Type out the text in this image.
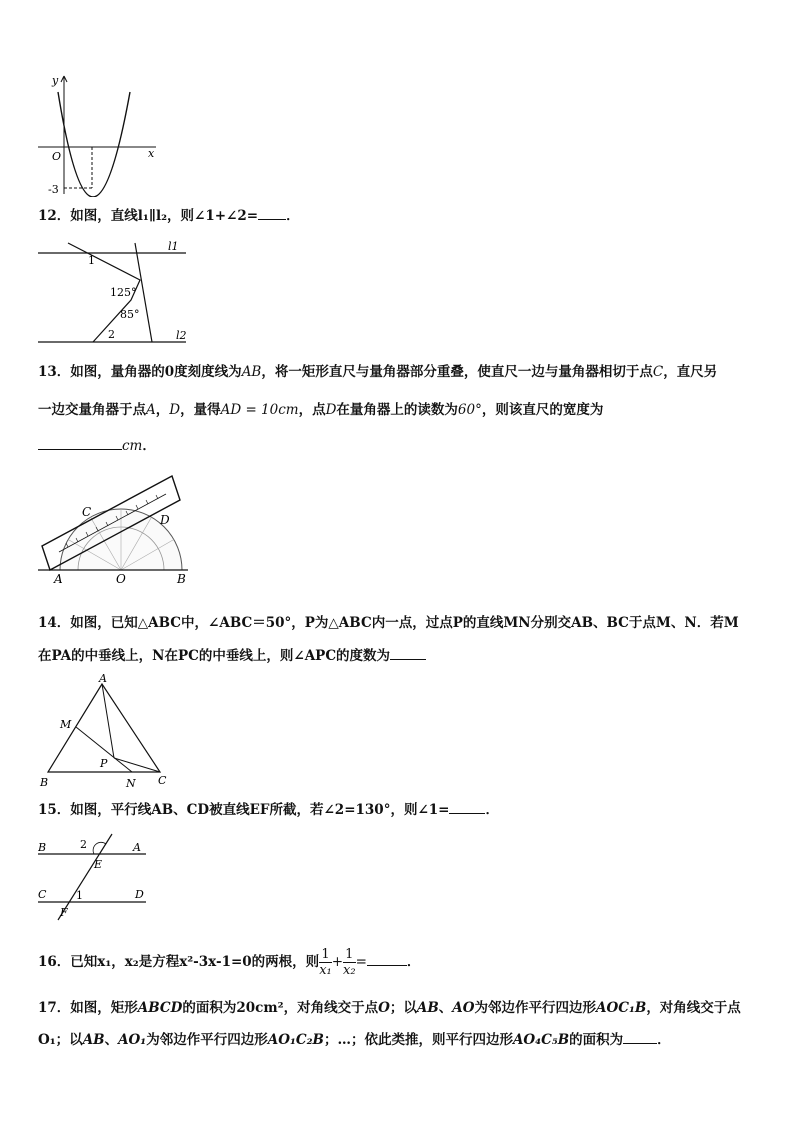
y
x
O
-3
12．如图，直线l₁∥l₂，则∠1+∠2= ．
l1
l2
1
2
125°
85°
13．如图，量角器的0度刻度线为AB，将一矩形直尺与量角器部分重叠，使直尺一边与量角器相切于点C，直尺另
一边交量角器于点A，D，量得AD = 10cm，点D在量角器上的读数为60°，则该直尺的宽度为
cm．
C
D
A	O	B
14．如图，已知△ABC中，∠ABC＝50°，P为△ABC内一点，过点P的直线MN分别交AB、BC于点M、N．若M
在PA的中垂线上，N在PC的中垂线上，则∠APC的度数为
A
M
P
B	N C
15．如图，平行线AB、CD被直线EF所截，若∠2=130°，则∠1=	．
B	A
2
E
C	1	D
F
16．已知x₁，x₂是方程x²-3x-1=0的两根，则 $\frac{1}{\text{x₁}} + \frac{1}{\text{x₂}}$ =	．
17．如图，矩形ABCD的面积为20cm²，对角线交于点O；以AB、AO为邻边作平行四边形AOC₁B，对角线交于点
O₁；以AB、AO₁为邻边作平行四边形AO₁C₂B；…；依此类推，则平行四边形AO₄C₅B的面积为	．
